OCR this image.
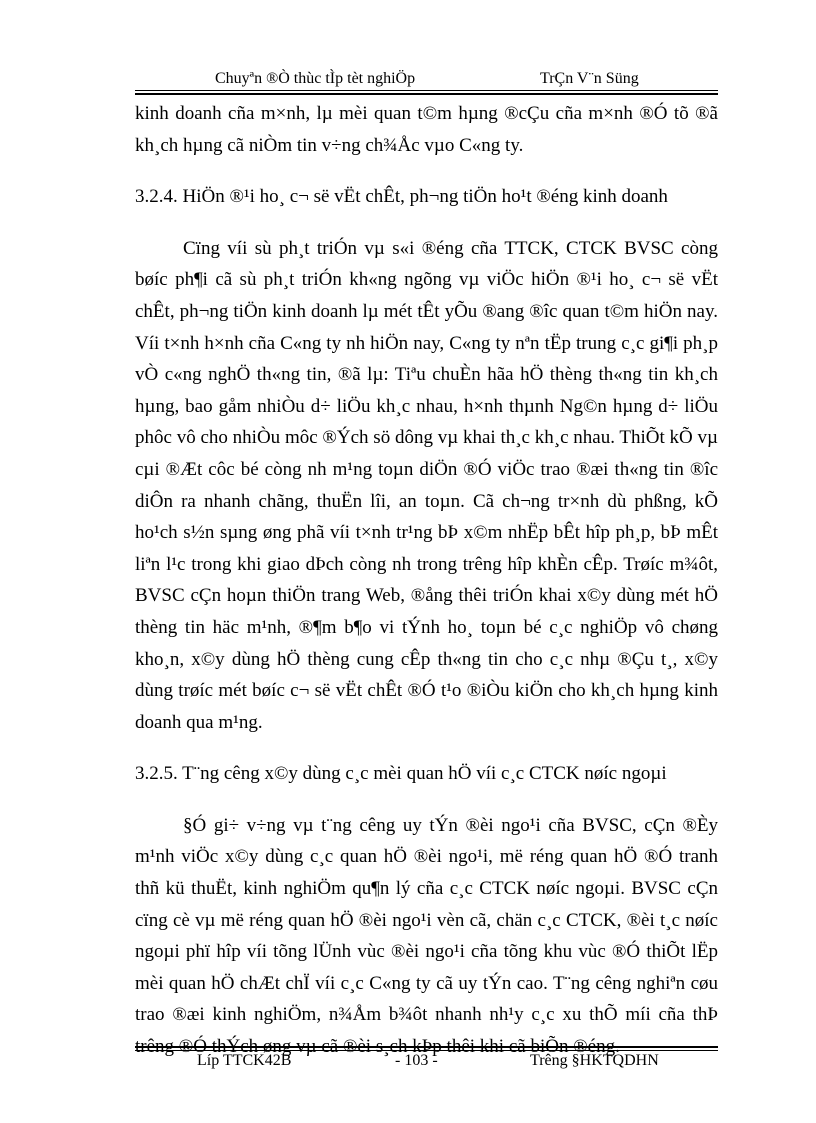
Chuyªn ®Ò thùc tÌp tèt nghiÖp	TrÇn V¨n Süng

kinh doanh cña m×nh, lµ mèi quan t©m hµng ®cÇu cña m×nh ®Ó tõ ®ã kh¸ch hµng cã niÒm tin v÷ng ch¾Åc vµo C«ng ty.

3.2.4. HiÖn ®¹i ho¸ c¬ së vËt chÊt, ph¬ng tiÖn ho¹t ®éng kinh doanh

Cïng víi sù ph¸t triÓn vµ s«i ®éng cña TTCK, CTCK BVSC còng bøíc ph¶i cã sù ph¸t triÓn kh«ng ngõng vµ viÖc hiÖn ®¹i ho¸ c¬ së vËt chÊt, ph¬ng tiÖn kinh doanh lµ mét tÊt yÕu ®ang ®îc quan t©m hiÖn nay. Víi t×nh h×nh cña C«ng ty nh hiÖn nay, C«ng ty nªn tËp trung c¸c gi¶i ph¸p vÒ c«ng nghÖ th«ng tin, ®ã lµ: Tiªu chuÈn hãa hÖ thèng th«ng tin kh¸ch hµng, bao gåm nhiÒu d÷ liÖu kh¸c nhau, h×nh thµnh Ng©n hµng d÷ liÖu phôc vô cho nhiÒu môc ®Ých sö dông vµ khai th¸c kh¸c nhau. ThiÕt kÕ vµ cµi ®Æt côc bé còng nh m¹ng toµn diÖn ®Ó viÖc trao ®æi th«ng tin ®îc diÔn ra nhanh chãng, thuËn lîi, an toµn. Cã ch¬ng tr×nh dù phßng, kÕ ho¹ch s½n sµng øng phã víi t×nh tr¹ng bÞ x©m nhËp bÊt hîp ph¸p, bÞ mÊt liªn l¹c trong khi giao dÞch còng nh trong trêng hîp khÈn cÊp. Trøíc m¾ôt, BVSC cÇn hoµn thiÖn trang Web, ®ång thêi triÓn khai x©y dùng mét hÖ thèng tin häc m¹nh, ®¶m b¶o vi tÝnh ho¸ toµn bé c¸c nghiÖp vô chøng kho¸n, x©y dùng hÖ thèng cung cÊp th«ng tin cho c¸c nhµ ®Çu t¸, x©y dùng trøíc mét bøíc c¬ së vËt chÊt ®Ó t¹o ®iÒu kiÖn cho kh¸ch hµng kinh doanh qua m¹ng.

3.2.5. T¨ng cêng x©y dùng c¸c mèi quan hÖ víi c¸c CTCK nøíc ngoµi

§Ó gi÷ v÷ng vµ t¨ng cêng uy tÝn ®èi ngo¹i cña BVSC, cÇn ®Èy m¹nh viÖc x©y dùng c¸c quan hÖ ®èi ngo¹i, më réng quan hÖ ®Ó tranh thñ kü thuËt, kinh nghiÖm qu¶n lý cña c¸c CTCK nøíc ngoµi. BVSC cÇn cïng cè vµ më réng quan hÖ ®èi ngo¹i vèn cã, chän c¸c CTCK, ®èi t¸c nøíc ngoµi phï hîp víi tõng lÜnh vùc ®èi ngo¹i cña tõng khu vùc ®Ó thiÕt lËp mèi quan hÖ chÆt chÏ víi c¸c C«ng ty cã uy tÝn cao. T¨ng cêng nghiªn cøu trao ®æi kinh nghiÖm, n¾Åm b¾ôt nhanh nh¹y c¸c xu thÕ míi cña thÞ trêng ®Ó thÝch øng vµ cã ®èi s¸ch kÞp thêi khi cã biÕn ®éng.

Líp TTCK42B	- 103 -	Trêng §HKTQDHN
